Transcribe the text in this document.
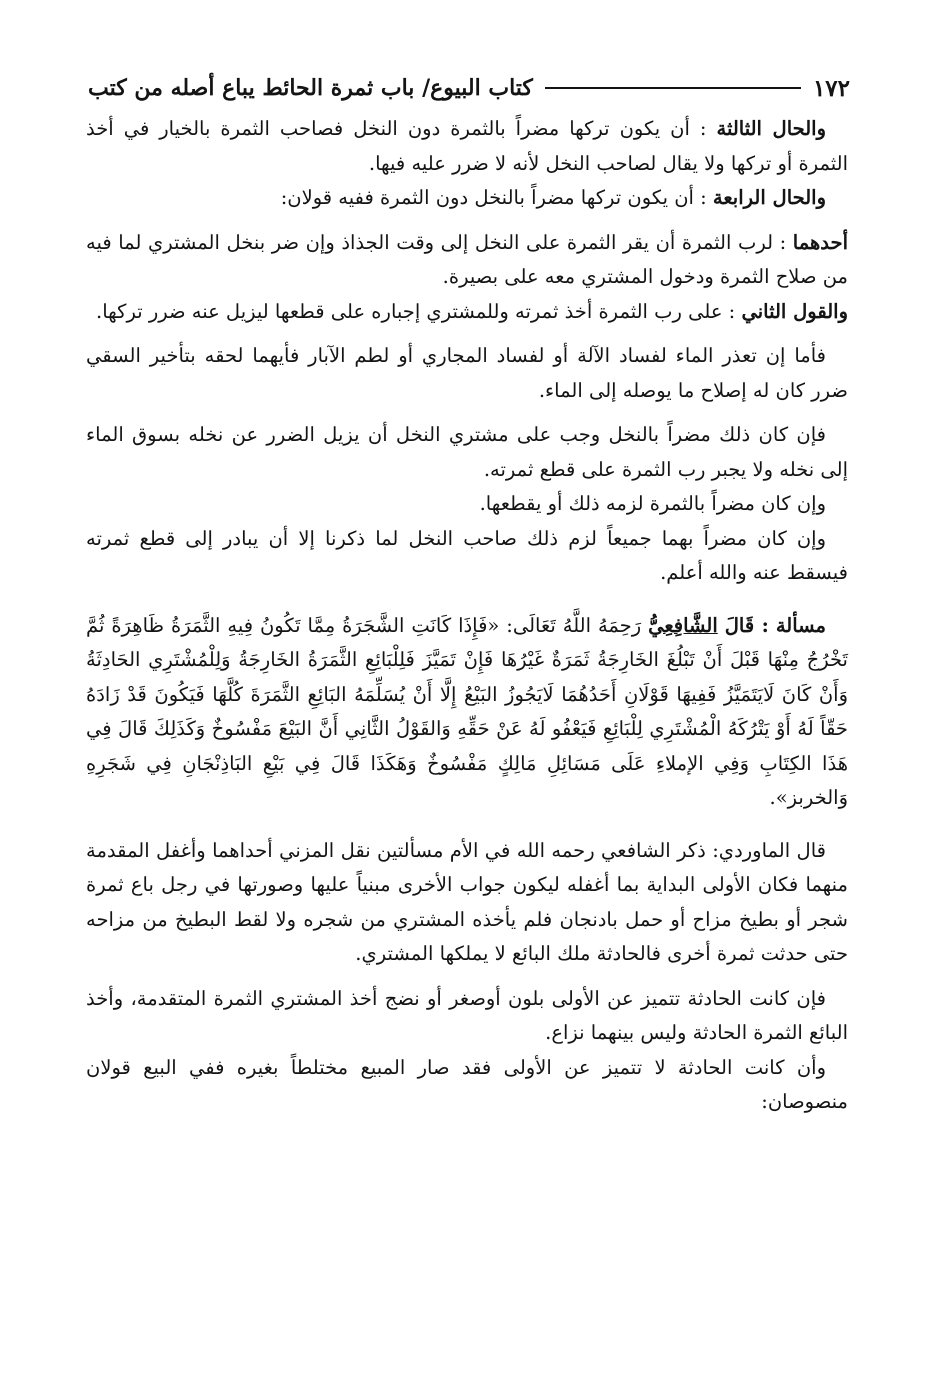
١٧٢
كتاب البيوع/ باب ثمرة الحائط يباع أصله من كتب

والحال الثالثة : أن يكون تركها مضراً بالثمرة دون النخل فصاحب الثمرة بالخيار في أخذ الثمرة أو تركها ولا يقال لصاحب النخل لأنه لا ضرر عليه فيها.

والحال الرابعة : أن يكون تركها مضراً بالنخل دون الثمرة ففيه قولان:

أحدهما : لرب الثمرة أن يقر الثمرة على النخل إلى وقت الجذاذ وإن ضر بنخل المشتري لما فيه من صلاح الثمرة ودخول المشتري معه على بصيرة.

والقول الثاني : على رب الثمرة أخذ ثمرته وللمشتري إجباره على قطعها ليزيل عنه ضرر تركها.

فأما إن تعذر الماء لفساد الآلة أو لفساد المجاري أو لطم الآبار فأيهما لحقه بتأخير السقي ضرر كان له إصلاح ما يوصله إلى الماء.

فإن كان ذلك مضراً بالنخل وجب على مشتري النخل أن يزيل الضرر عن نخله بسوق الماء إلى نخله ولا يجبر رب الثمرة على قطع ثمرته.

وإن كان مضراً بالثمرة لزمه ذلك أو يقطعها.

وإن كان مضراً بهما جميعاً لزم ذلك صاحب النخل لما ذكرنا إلا أن يبادر إلى قطع ثمرته فيسقط عنه والله أعلم.

مسألة : قَالَ الشَّافِعِيُّ رَحِمَهُ اللَّهُ تَعَالَى: «فَإِذَا كَانَتِ الشَّجَرَةُ مِمَّا تَكُونُ فِيهِ الثَّمَرَةُ ظَاهِرَةً ثُمَّ تَخْرُجُ مِنْهَا قَبْلَ أَنْ تَبْلُغَ الخَارِجَةُ ثَمَرَةٌ غَيْرُهَا فَإِنْ تَمَيَّزَ فَلِلْبَائِعِ الثَّمَرَةُ الخَارِجَةُ وَلِلْمُشْتَرِي الحَادِثَةُ وَأَنْ كَانَ لَايَتَمَيَّزُ فَفِيهَا قَوْلَانِ أَحَدُهُمَا لَايَجُوزُ البَيْعُ إِلَّا أَنْ يُسَلِّمَهُ البَائِعِ الثَّمَرَةَ كُلَّهَا فَيَكُونَ قَدْ زَادَهُ حَقّاً لَهُ أَوْ يَتْرُكَهُ الْمُشْتَرِي لِلْبَائِعِ فَيَعْفُو لَهُ عَنْ حَقِّهِ وَالقَوْلُ الثَّانِي أَنَّ البَيْعَ مَفْسُوخٌ وَكَذَلِكَ قَالَ فِي هَذَا الكِتَابِ وَفِي الإملاءِ عَلَى مَسَائِلِ مَالِكٍ مَفْسُوخٌ وَهَكَذَا قَالَ فِي بَيْعِ البَاذِنْجَانِ فِي شَجَرِهِ وَالخربز».

قال الماوردي: ذكر الشافعي رحمه الله في الأم مسألتين نقل المزني أحداهما وأغفل المقدمة منهما فكان الأولى البداية بما أغفله ليكون جواب الأخرى مبنياً عليها وصورتها في رجل باع ثمرة شجر أو بطيخ مزاح أو حمل بادنجان فلم يأخذه المشتري من شجره ولا لقط البطيخ من مزاحه حتى حدثت ثمرة أخرى فالحادثة ملك البائع لا يملكها المشتري.

فإن كانت الحادثة تتميز عن الأولى بلون أوصغر أو نضج أخذ المشتري الثمرة المتقدمة، وأخذ البائع الثمرة الحادثة وليس بينهما نزاع.

وأن كانت الحادثة لا تتميز عن الأولى فقد صار المبيع مختلطاً بغيره ففي البيع قولان منصوصان:
